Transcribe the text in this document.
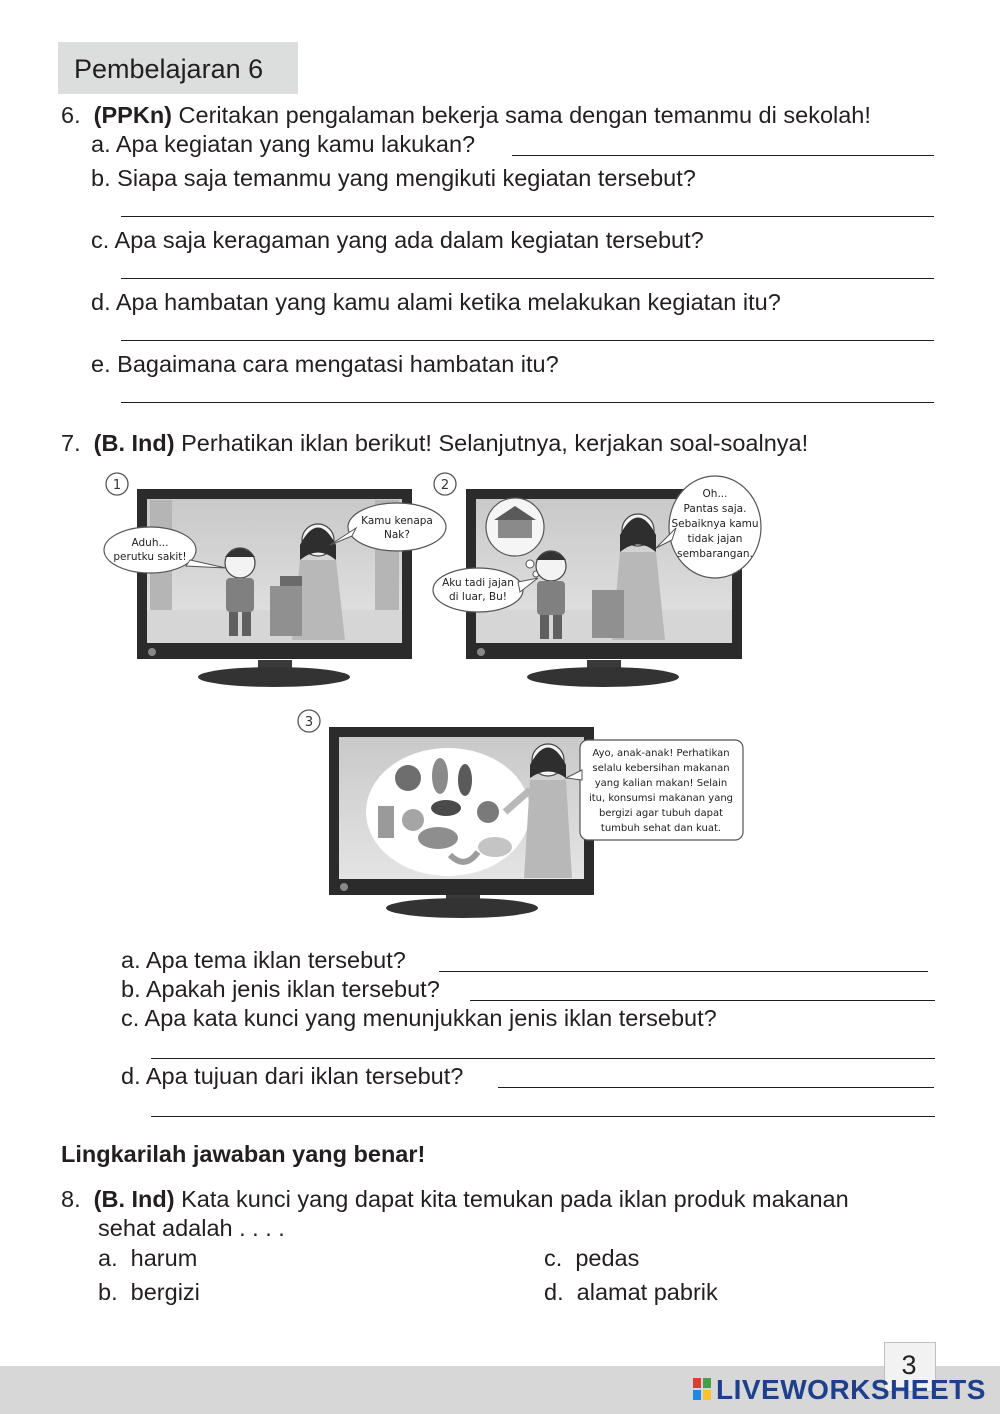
Pembelajaran 6
6. (PPKn) Ceritakan pengalaman bekerja sama dengan temanmu di sekolah!
a. Apa kegiatan yang kamu lakukan?
b. Siapa saja temanmu yang mengikuti kegiatan tersebut?
c. Apa saja keragaman yang ada dalam kegiatan tersebut?
d. Apa hambatan yang kamu alami ketika melakukan kegiatan itu?
e. Bagaimana cara mengatasi hambatan itu?
7. (B. Ind) Perhatikan iklan berikut! Selanjutnya, kerjakan soal-soalnya!
1
Aduh...
perutku sakit!
Kamu kenapa
Nak?
2
Aku tadi jajan
di luar, Bu!
Oh...
Pantas saja.
Sebaiknya kamu
tidak jajan
sembarangan.
3
Ayo, anak-anak! Perhatikan
selalu kebersihan makanan
yang kalian makan! Selain
itu, konsumsi makanan yang
bergizi agar tubuh dapat
tumbuh sehat dan kuat.
a. Apa tema iklan tersebut?
b. Apakah jenis iklan tersebut?
c. Apa kata kunci yang menunjukkan jenis iklan tersebut?
d. Apa tujuan dari iklan tersebut?
Lingkarilah jawaban yang benar!
8. (B. Ind) Kata kunci yang dapat kita temukan pada iklan produk makanan
sehat adalah . . . .
a. harum
b. bergizi
c. pedas
d. alamat pabrik
3
LIVEWORKSHEETS
